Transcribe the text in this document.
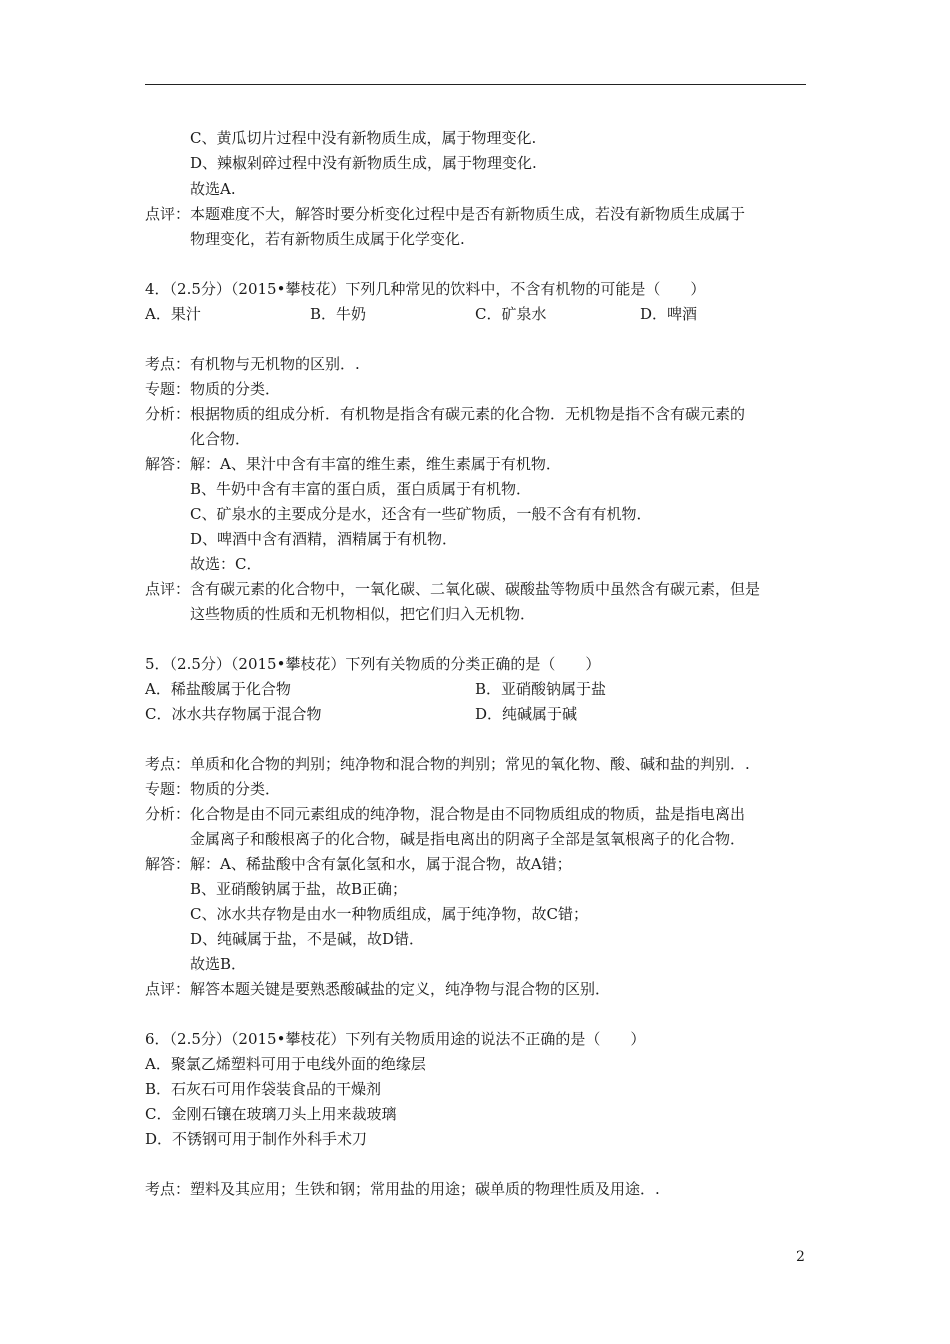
C、黄瓜切片过程中没有新物质生成，属于物理变化.
D、辣椒剁碎过程中没有新物质生成，属于物理变化.
故选A.
点评：本题难度不大，解答时要分析变化过程中是否有新物质生成，若没有新物质生成属于
物理变化，若有新物质生成属于化学变化.
4．（2.5分）（2015•攀枝花）下列几种常见的饮料中，不含有机物的可能是（　　）
A．果汁	B．牛奶	C．矿泉水	D．啤酒
考点：有机物与无机物的区别．.
专题：物质的分类．
分析：根据物质的组成分析．有机物是指含有碳元素的化合物．无机物是指不含有碳元素的
化合物．
解答：解：A、果汁中含有丰富的维生素，维生素属于有机物．
B、牛奶中含有丰富的蛋白质，蛋白质属于有机物．
C、矿泉水的主要成分是水，还含有一些矿物质，一般不含有有机物．
D、啤酒中含有酒精，酒精属于有机物．
故选：C．
点评：含有碳元素的化合物中，一氧化碳、二氧化碳、碳酸盐等物质中虽然含有碳元素，但是
这些物质的性质和无机物相似，把它们归入无机物．
5．（2.5分）（2015•攀枝花）下列有关物质的分类正确的是（　　）
A．稀盐酸属于化合物	B．亚硝酸钠属于盐
C．冰水共存物属于混合物	D．纯碱属于碱
考点：单质和化合物的判别；纯净物和混合物的判别；常见的氧化物、酸、碱和盐的判别．.
专题：物质的分类．
分析：化合物是由不同元素组成的纯净物，混合物是由不同物质组成的物质，盐是指电离出
金属离子和酸根离子的化合物，碱是指电离出的阴离子全部是氢氧根离子的化合物．
解答：解：A、稀盐酸中含有氯化氢和水，属于混合物，故A错；
B、亚硝酸钠属于盐，故B正确；
C、冰水共存物是由水一种物质组成，属于纯净物，故C错；
D、纯碱属于盐，不是碱，故D错．
故选B．
点评：解答本题关键是要熟悉酸碱盐的定义，纯净物与混合物的区别．
6．（2.5分）（2015•攀枝花）下列有关物质用途的说法不正确的是（　　）
A．聚氯乙烯塑料可用于电线外面的绝缘层
B．石灰石可用作袋装食品的干燥剂
C．金刚石镶在玻璃刀头上用来裁玻璃
D．不锈钢可用于制作外科手术刀
考点：塑料及其应用；生铁和钢；常用盐的用途；碳单质的物理性质及用途．.
2
